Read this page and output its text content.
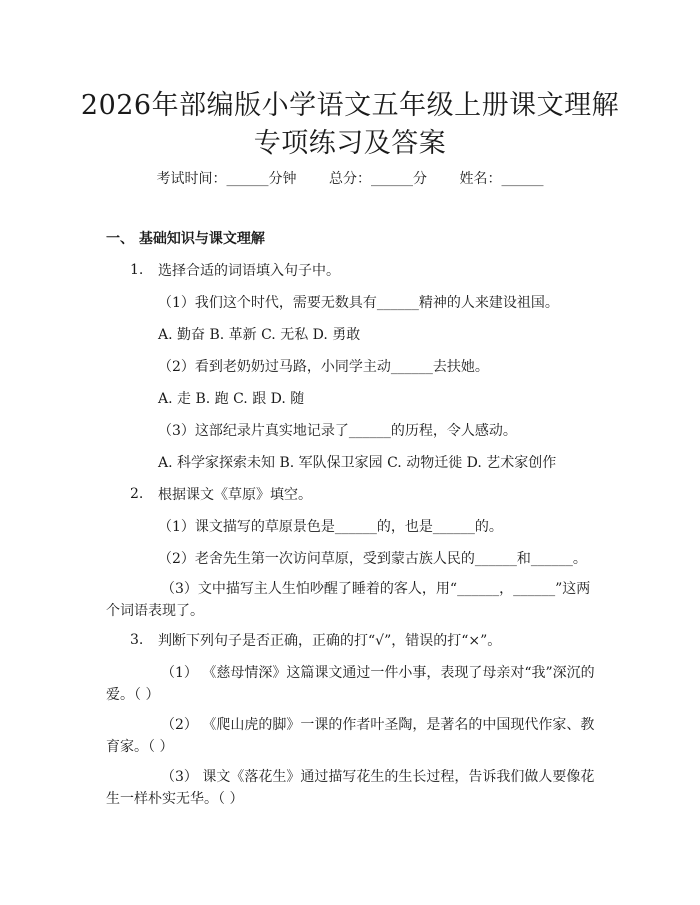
2026年部编版小学语文五年级上册课文理解
专项练习及答案
考试时间：______分钟 总分：______分 姓名：______
一、 基础知识与课文理解
1. 选择合适的词语填入句子中。
（1）我们这个时代，需要无数具有______精神的人来建设祖国。
A. 勤奋 B. 革新 C. 无私 D. 勇敢
（2）看到老奶奶过马路，小同学主动______去扶她。
A. 走 B. 跑 C. 跟 D. 随
（3）这部纪录片真实地记录了______的历程，令人感动。
A. 科学家探索未知 B. 军队保卫家园 C. 动物迁徙 D. 艺术家创作
2. 根据课文《草原》填空。
（1）课文描写的草原景色是______的，也是______的。
（2）老舍先生第一次访问草原，受到蒙古族人民的______和______。
（3）文中描写主人生怕吵醒了睡着的客人，用“______，______”这两个词语表现了。
3. 判断下列句子是否正确，正确的打“√”，错误的打“×”。
（1） 《慈母情深》这篇课文通过一件小事，表现了母亲对“我”深沉的爱。（ ）
（2） 《爬山虎的脚》一课的作者叶圣陶，是著名的中国现代作家、教育家。（ ）
（3） 课文《落花生》通过描写花生的生长过程，告诉我们做人要像花生一样朴实无华。（ ）
